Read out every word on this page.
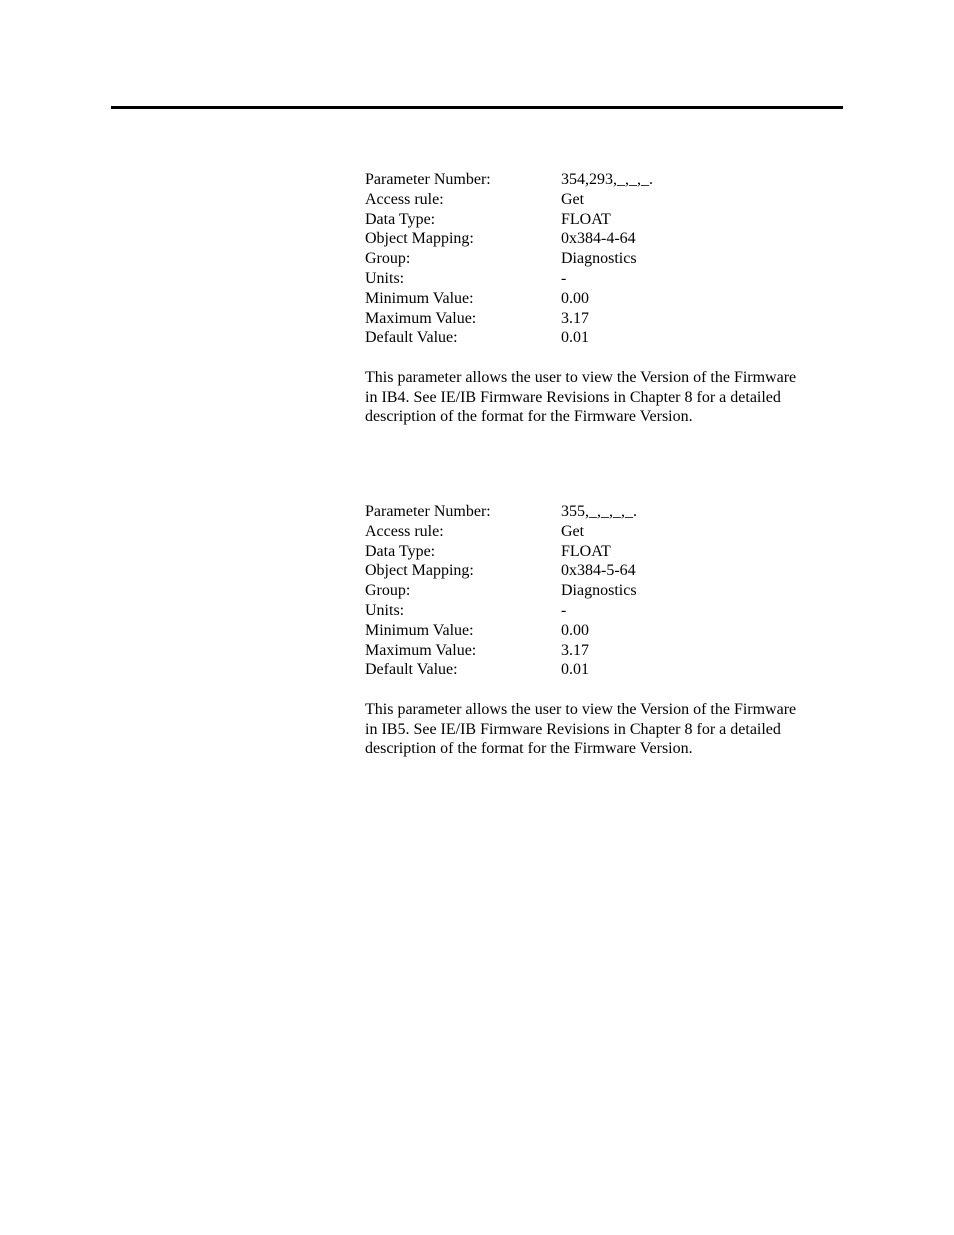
Parameter Number:	354,293,_,_,_.
Access rule:	Get
Data Type:	FLOAT
Object Mapping:	0x384-4-64
Group:	Diagnostics
Units:	-
Minimum Value:	0.00
Maximum Value:	3.17
Default Value:	0.01

This parameter allows the user to view the Version of the Firmware
in IB4. See IE/IB Firmware Revisions in Chapter 8 for a detailed
description of the format for the Firmware Version.

Parameter Number:	355,_,_,_,_.
Access rule:	Get
Data Type:	FLOAT
Object Mapping:	0x384-5-64
Group:	Diagnostics
Units:	-
Minimum Value:	0.00
Maximum Value:	3.17
Default Value:	0.01

This parameter allows the user to view the Version of the Firmware
in IB5. See IE/IB Firmware Revisions in Chapter 8 for a detailed
description of the format for the Firmware Version.
